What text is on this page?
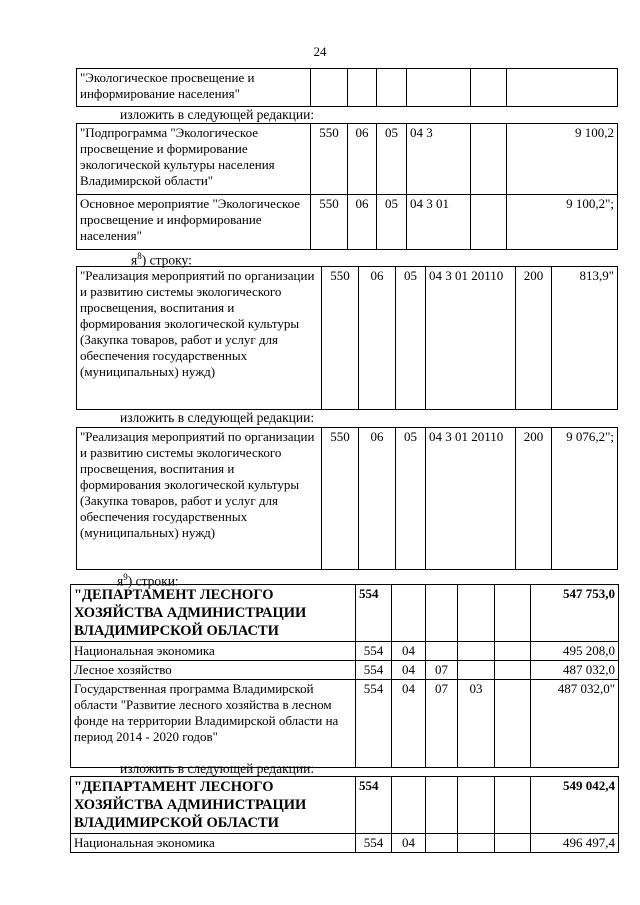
24
"Экологическое просвещение и информирование населения"						
изложить в следующей редакции:
"Подпрограмма "Экологическое просвещение и формирование экологической культуры населения Владимирской области"	550	06	05	04 3		9 100,2
Основное мероприятие "Экологическое просвещение и информирование населения"	550	06	05	04 3 01		9 100,2";
$я^8$) строку:
"Реализация мероприятий по организации и развитию системы экологического просвещения, воспитания и формирования экологической культуры (Закупка товаров, работ и услуг для обеспечения государственных (муниципальных) нужд)	550	06	05	04 3 01 20110	200	813,9"
изложить в следующей редакции:
"Реализация мероприятий по организации и развитию системы экологического просвещения, воспитания и формирования экологической культуры (Закупка товаров, работ и услуг для обеспечения государственных (муниципальных) нужд)	550	06	05	04 3 01 20110	200	9 076,2";
$я^9$) строки:
"ДЕПАРТАМЕНТ ЛЕСНОГО ХОЗЯЙСТВА АДМИНИСТРАЦИИ ВЛАДИМИРСКОЙ ОБЛАСТИ	554					547 753,0
Национальная экономика	554	04				495 208,0
Лесное хозяйство	554	04	07			487 032,0
Государственная программа Владимирской области "Развитие лесного хозяйства в лесном фонде на территории Владимирской области на период 2014 - 2020 годов"	554	04	07	03		487 032,0"
изложить в следующей редакции:
"ДЕПАРТАМЕНТ ЛЕСНОГО ХОЗЯЙСТВА АДМИНИСТРАЦИИ ВЛАДИМИРСКОЙ ОБЛАСТИ	554					549 042,4
Национальная экономика	554	04				496 497,4
